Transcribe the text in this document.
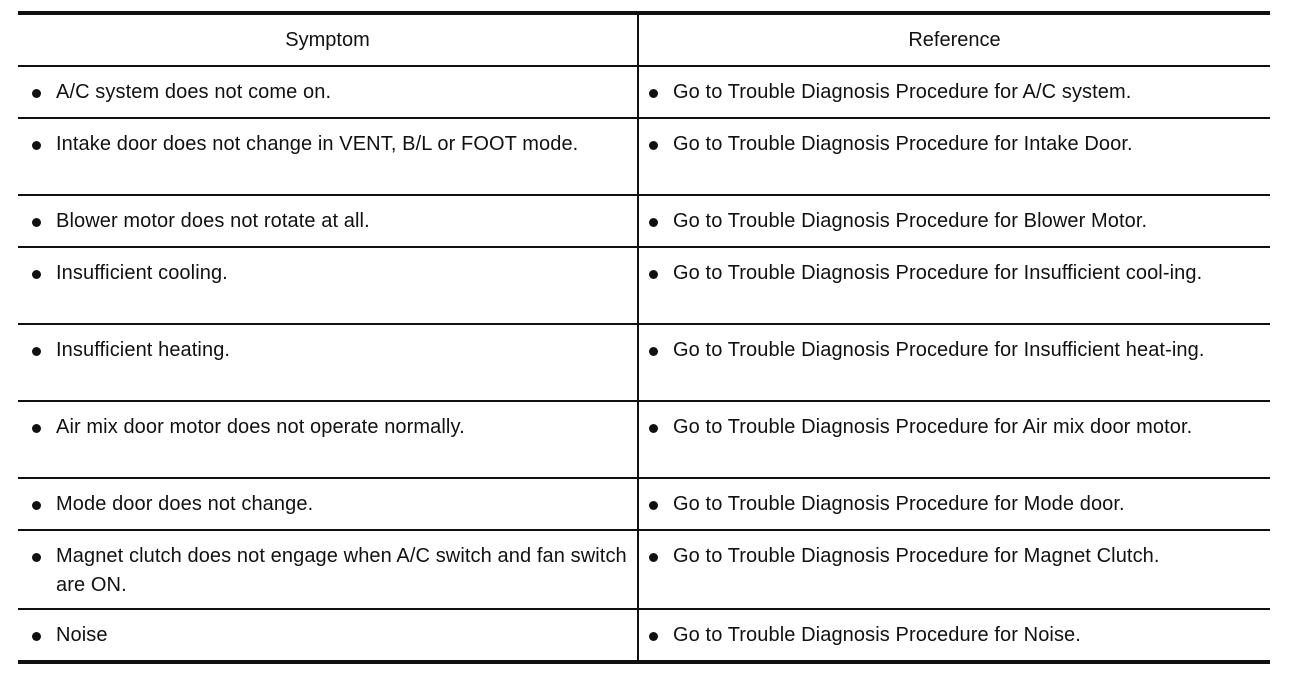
Symptom	Reference

A/C system does not come on.	Go to Trouble Diagnosis Procedure for A/C system.

Intake door does not change in VENT, B/L or FOOT mode.	Go to Trouble Diagnosis Procedure for Intake Door.

Blower motor does not rotate at all.	Go to Trouble Diagnosis Procedure for Blower Motor.

Insufficient cooling.	Go to Trouble Diagnosis Procedure for Insufficient cool-ing.

Insufficient heating.	Go to Trouble Diagnosis Procedure for Insufficient heat-ing.

Air mix door motor does not operate normally.	Go to Trouble Diagnosis Procedure for Air mix door motor.

Mode door does not change.	Go to Trouble Diagnosis Procedure for Mode door.

Magnet clutch does not engage when A/C switch and fan switch are ON.	Go to Trouble Diagnosis Procedure for Magnet Clutch.

Noise	Go to Trouble Diagnosis Procedure for Noise.
